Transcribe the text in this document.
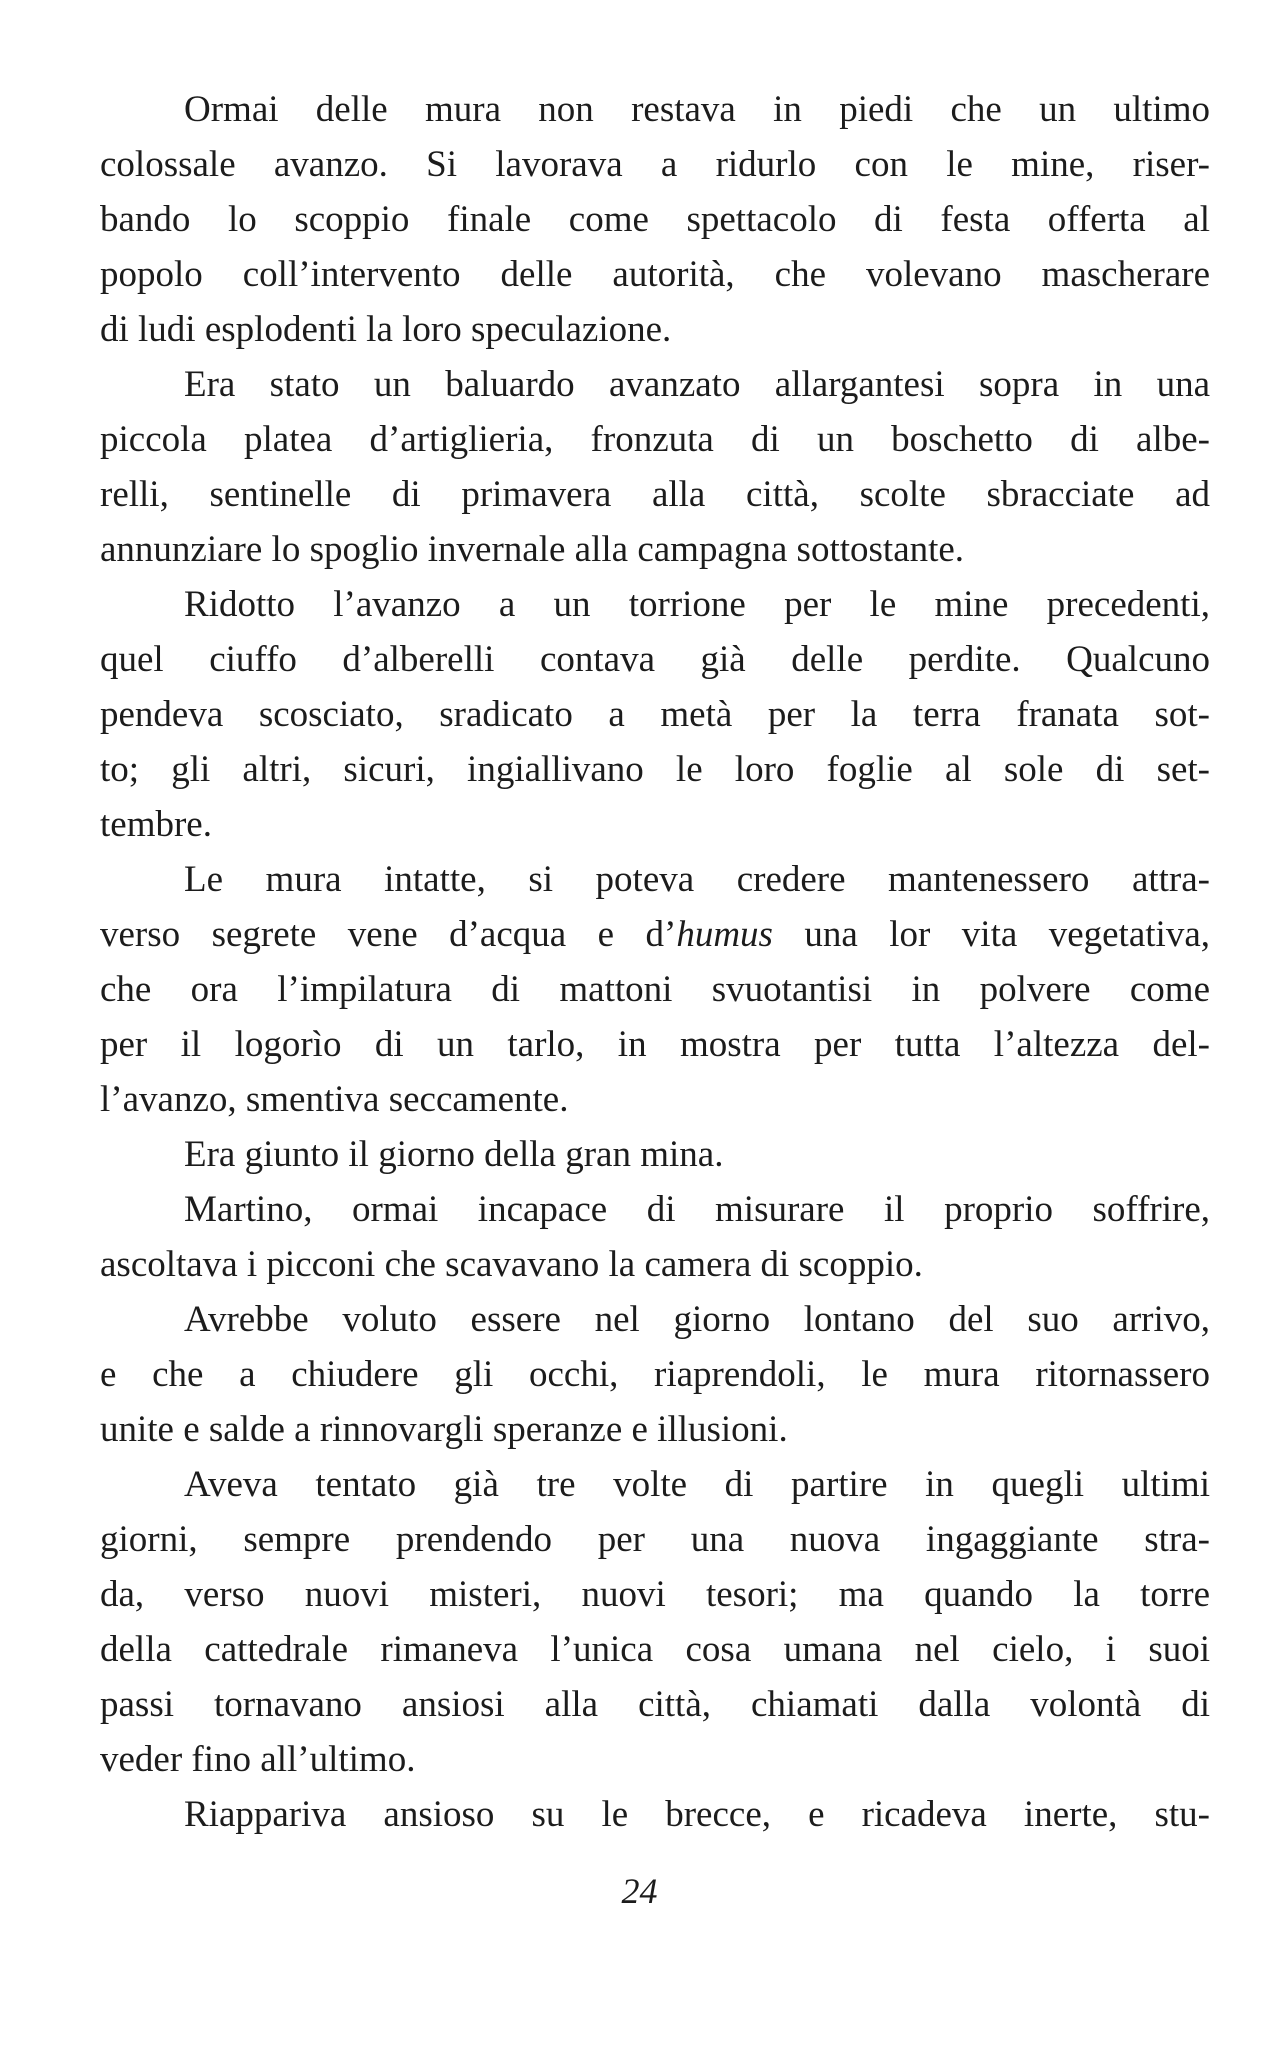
Ormai delle mura non restava in piedi che un ultimo
colossale avanzo. Si lavorava a ridurlo con le mine, riser-
bando lo scoppio finale come spettacolo di festa offerta al
popolo coll’intervento delle autorità, che volevano mascherare
di ludi esplodenti la loro speculazione.
Era stato un baluardo avanzato allargantesi sopra in una
piccola platea d’artiglieria, fronzuta di un boschetto di albe-
relli, sentinelle di primavera alla città, scolte sbracciate ad
annunziare lo spoglio invernale alla campagna sottostante.
Ridotto l’avanzo a un torrione per le mine precedenti,
quel ciuffo d’alberelli contava già delle perdite. Qualcuno
pendeva scosciato, sradicato a metà per la terra franata sot-
to; gli altri, sicuri, ingiallivano le loro foglie al sole di set-
tembre.
Le mura intatte, si poteva credere mantenessero attra-
verso segrete vene d’acqua e d’humus una lor vita vegetativa,
che ora l’impilatura di mattoni svuotantisi in polvere come
per il logorìo di un tarlo, in mostra per tutta l’altezza del-
l’avanzo, smentiva seccamente.
Era giunto il giorno della gran mina.
Martino, ormai incapace di misurare il proprio soffrire,
ascoltava i picconi che scavavano la camera di scoppio.
Avrebbe voluto essere nel giorno lontano del suo arrivo,
e che a chiudere gli occhi, riaprendoli, le mura ritornassero
unite e salde a rinnovargli speranze e illusioni.
Aveva tentato già tre volte di partire in quegli ultimi
giorni, sempre prendendo per una nuova ingaggiante stra-
da, verso nuovi misteri, nuovi tesori; ma quando la torre
della cattedrale rimaneva l’unica cosa umana nel cielo, i suoi
passi tornavano ansiosi alla città, chiamati dalla volontà di
veder fino all’ultimo.
Riappariva ansioso su le brecce, e ricadeva inerte, stu-
24
